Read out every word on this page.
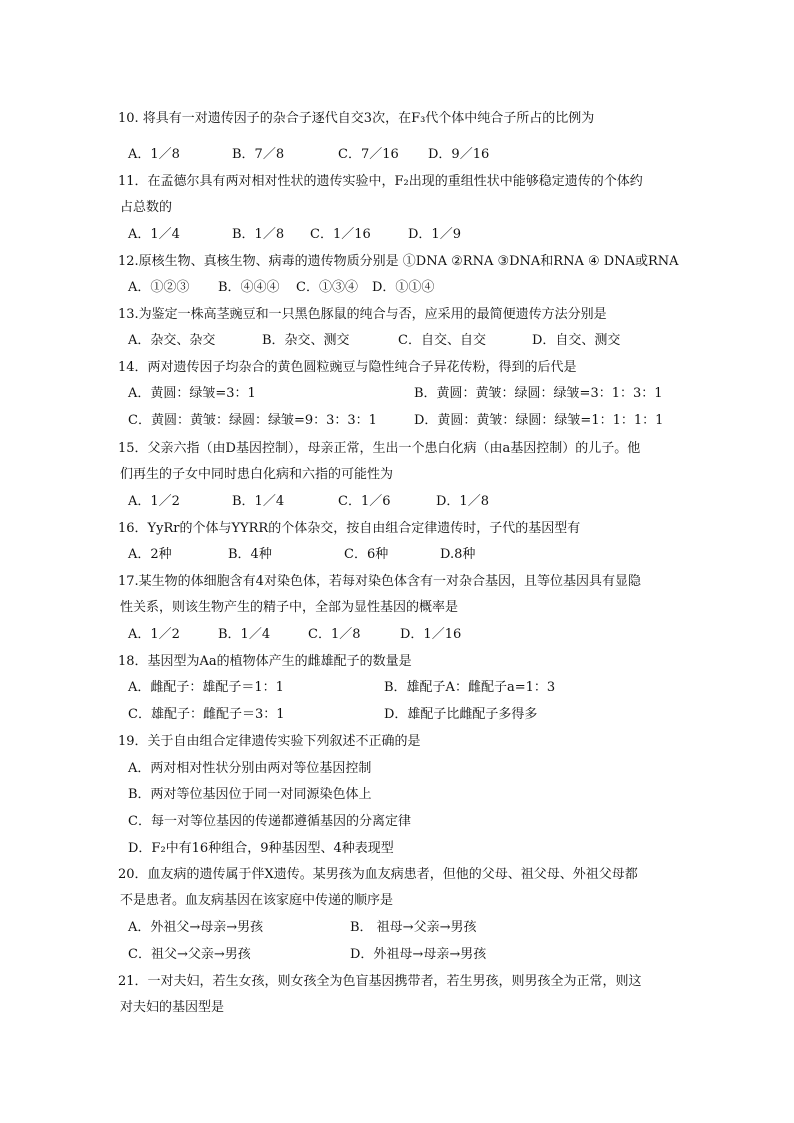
10. 将具有一对遗传因子的杂合子逐代自交3次，在F₃代个体中纯合子所占的比例为
A．1／8	B．7／8	C．7／16 D．9／16
11．在孟德尔具有两对相对性状的遗传实验中，F₂出现的重组性状中能够稳定遗传的个体约
占总数的
A．1／4	B．1／8 C．1／16	D．1／9
12.原核生物、真核生物、病毒的遗传物质分别是 ①DNA ②RNA ③DNA和RNA ④ DNA或RNA
A．①②③ B．④④④ C．①③④ D．①①④
13.为鉴定一株高茎豌豆和一只黑色豚鼠的纯合与否，应采用的最简便遗传方法分别是
A．杂交、杂交	B．杂交、测交	C．自交、自交	D．自交、测交
14．两对遗传因子均杂合的黄色圆粒豌豆与隐性纯合子异花传粉，得到的后代是
A．黄圆：绿皱=3：1	B．黄圆：黄皱：绿圆：绿皱=3：1：3：1
C．黄圆：黄皱：绿圆：绿皱=9：3：3：1	D．黄圆：黄皱：绿圆：绿皱=1：1：1：1
15．父亲六指（由D基因控制），母亲正常，生出一个患白化病（由a基因控制）的儿子。他
们再生的子女中同时患白化病和六指的可能性为
A．1／2	B．1／4	C．1／6	D．1／8
16．YyRr的个体与YYRR的个体杂交，按自由组合定律遗传时，子代的基因型有
A．2种	B．4种	C．6种	D.8种
17.某生物的体细胞含有4对染色体，若每对染色体含有一对杂合基因，且等位基因具有显隐
性关系，则该生物产生的精子中，全部为显性基因的概率是
A．1／2	B．1／4	C．1／8	D．1／16
18．基因型为Aa的植物体产生的雌雄配子的数量是
A．雌配子：雄配子＝1：1	B．雄配子A：雌配子a=1：3
C．雄配子：雌配子＝3：1	D．雄配子比雌配子多得多
19．关于自由组合定律遗传实验下列叙述不正确的是
A．两对相对性状分别由两对等位基因控制
B．两对等位基因位于同一对同源染色体上
C．每一对等位基因的传递都遵循基因的分离定律
D．F₂中有16种组合，9种基因型、4种表现型
20．血友病的遗传属于伴X遗传。某男孩为血友病患者，但他的父母、祖父母、外祖父母都
不是患者。血友病基因在该家庭中传递的顺序是
A．外祖父→母亲→男孩	B． 祖母→父亲→男孩
C．祖父→父亲→男孩	D．外祖母→母亲→男孩
21．一对夫妇，若生女孩，则女孩全为色盲基因携带者，若生男孩，则男孩全为正常，则这
对夫妇的基因型是
